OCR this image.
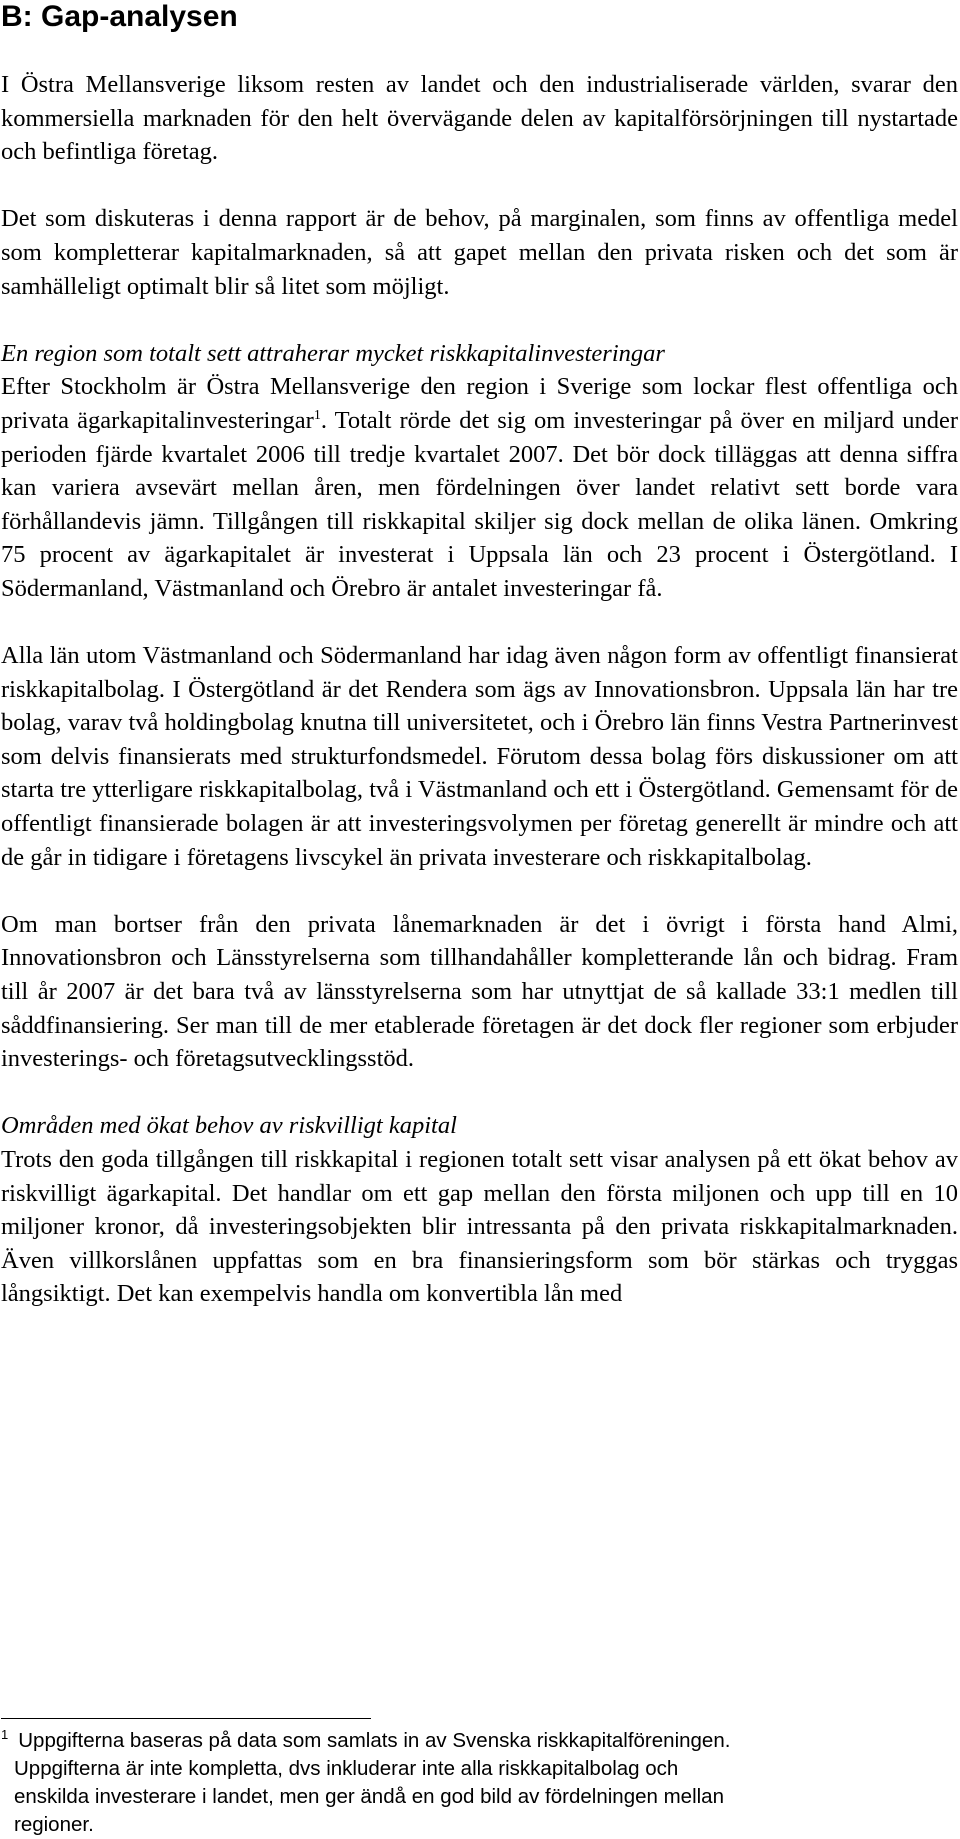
B: Gap-analysen

I Östra Mellansverige liksom resten av landet och den industrialiserade världen, svarar den kommersiella marknaden för den helt övervägande delen av kapitalförsörjningen till nystartade och befintliga företag.

Det som diskuteras i denna rapport är de behov, på marginalen, som finns av offentliga medel som kompletterar kapitalmarknaden, så att gapet mellan den privata risken och det som är samhälleligt optimalt blir så litet som möjligt.

En region som totalt sett attraherar mycket riskkapitalinvesteringar

Efter Stockholm är Östra Mellansverige den region i Sverige som lockar flest offentliga och privata ägarkapitalinvesteringar$^1$. Totalt rörde det sig om investeringar på över en miljard under perioden fjärde kvartalet 2006 till tredje kvartalet 2007. Det bör dock tilläggas att denna siffra kan variera avsevärt mellan åren, men fördelningen över landet relativt sett borde vara förhållandevis jämn. Tillgången till riskkapital skiljer sig dock mellan de olika länen. Omkring 75 procent av ägarkapitalet är investerat i Uppsala län och 23 procent i Östergötland. I Södermanland, Västmanland och Örebro är antalet investeringar få.

Alla län utom Västmanland och Södermanland har idag även någon form av offentligt finansierat riskkapitalbolag. I Östergötland är det Rendera som ägs av Innovationsbron. Uppsala län har tre bolag, varav två holdingbolag knutna till universitetet, och i Örebro län finns Vestra Partnerinvest som delvis finansierats med strukturfondsmedel. Förutom dessa bolag förs diskussioner om att starta tre ytterligare riskkapitalbolag, två i Västmanland och ett i Östergötland. Gemensamt för de offentligt finansierade bolagen är att investeringsvolymen per företag generellt är mindre och att de går in tidigare i företagens livscykel än privata investerare och riskkapitalbolag.

Om man bortser från den privata lånemarknaden är det i övrigt i första hand Almi, Innovationsbron och Länsstyrelserna som tillhandahåller kompletterande lån och bidrag. Fram till år 2007 är det bara två av länsstyrelserna som har utnyttjat de så kallade 33:1 medlen till såddfinansiering. Ser man till de mer etablerade företagen är det dock fler regioner som erbjuder investerings- och företagsutvecklingsstöd.

Områden med ökat behov av riskvilligt kapital

Trots den goda tillgången till riskkapital i regionen totalt sett visar analysen på ett ökat behov av riskvilligt ägarkapital. Det handlar om ett gap mellan den första miljonen och upp till en 10 miljoner kronor, då investeringsobjekten blir intressanta på den privata riskkapitalmarknaden. Även villkorslånen uppfattas som en bra finansieringsform som bör stärkas och tryggas långsiktigt. Det kan exempelvis handla om konvertibla lån med

$^1$ Uppgifterna baseras på data som samlats in av Svenska riskkapitalföreningen.
Uppgifterna är inte kompletta, dvs inkluderar inte alla riskkapitalbolag och
enskilda investerare i landet, men ger ändå en god bild av fördelningen mellan
regioner.
